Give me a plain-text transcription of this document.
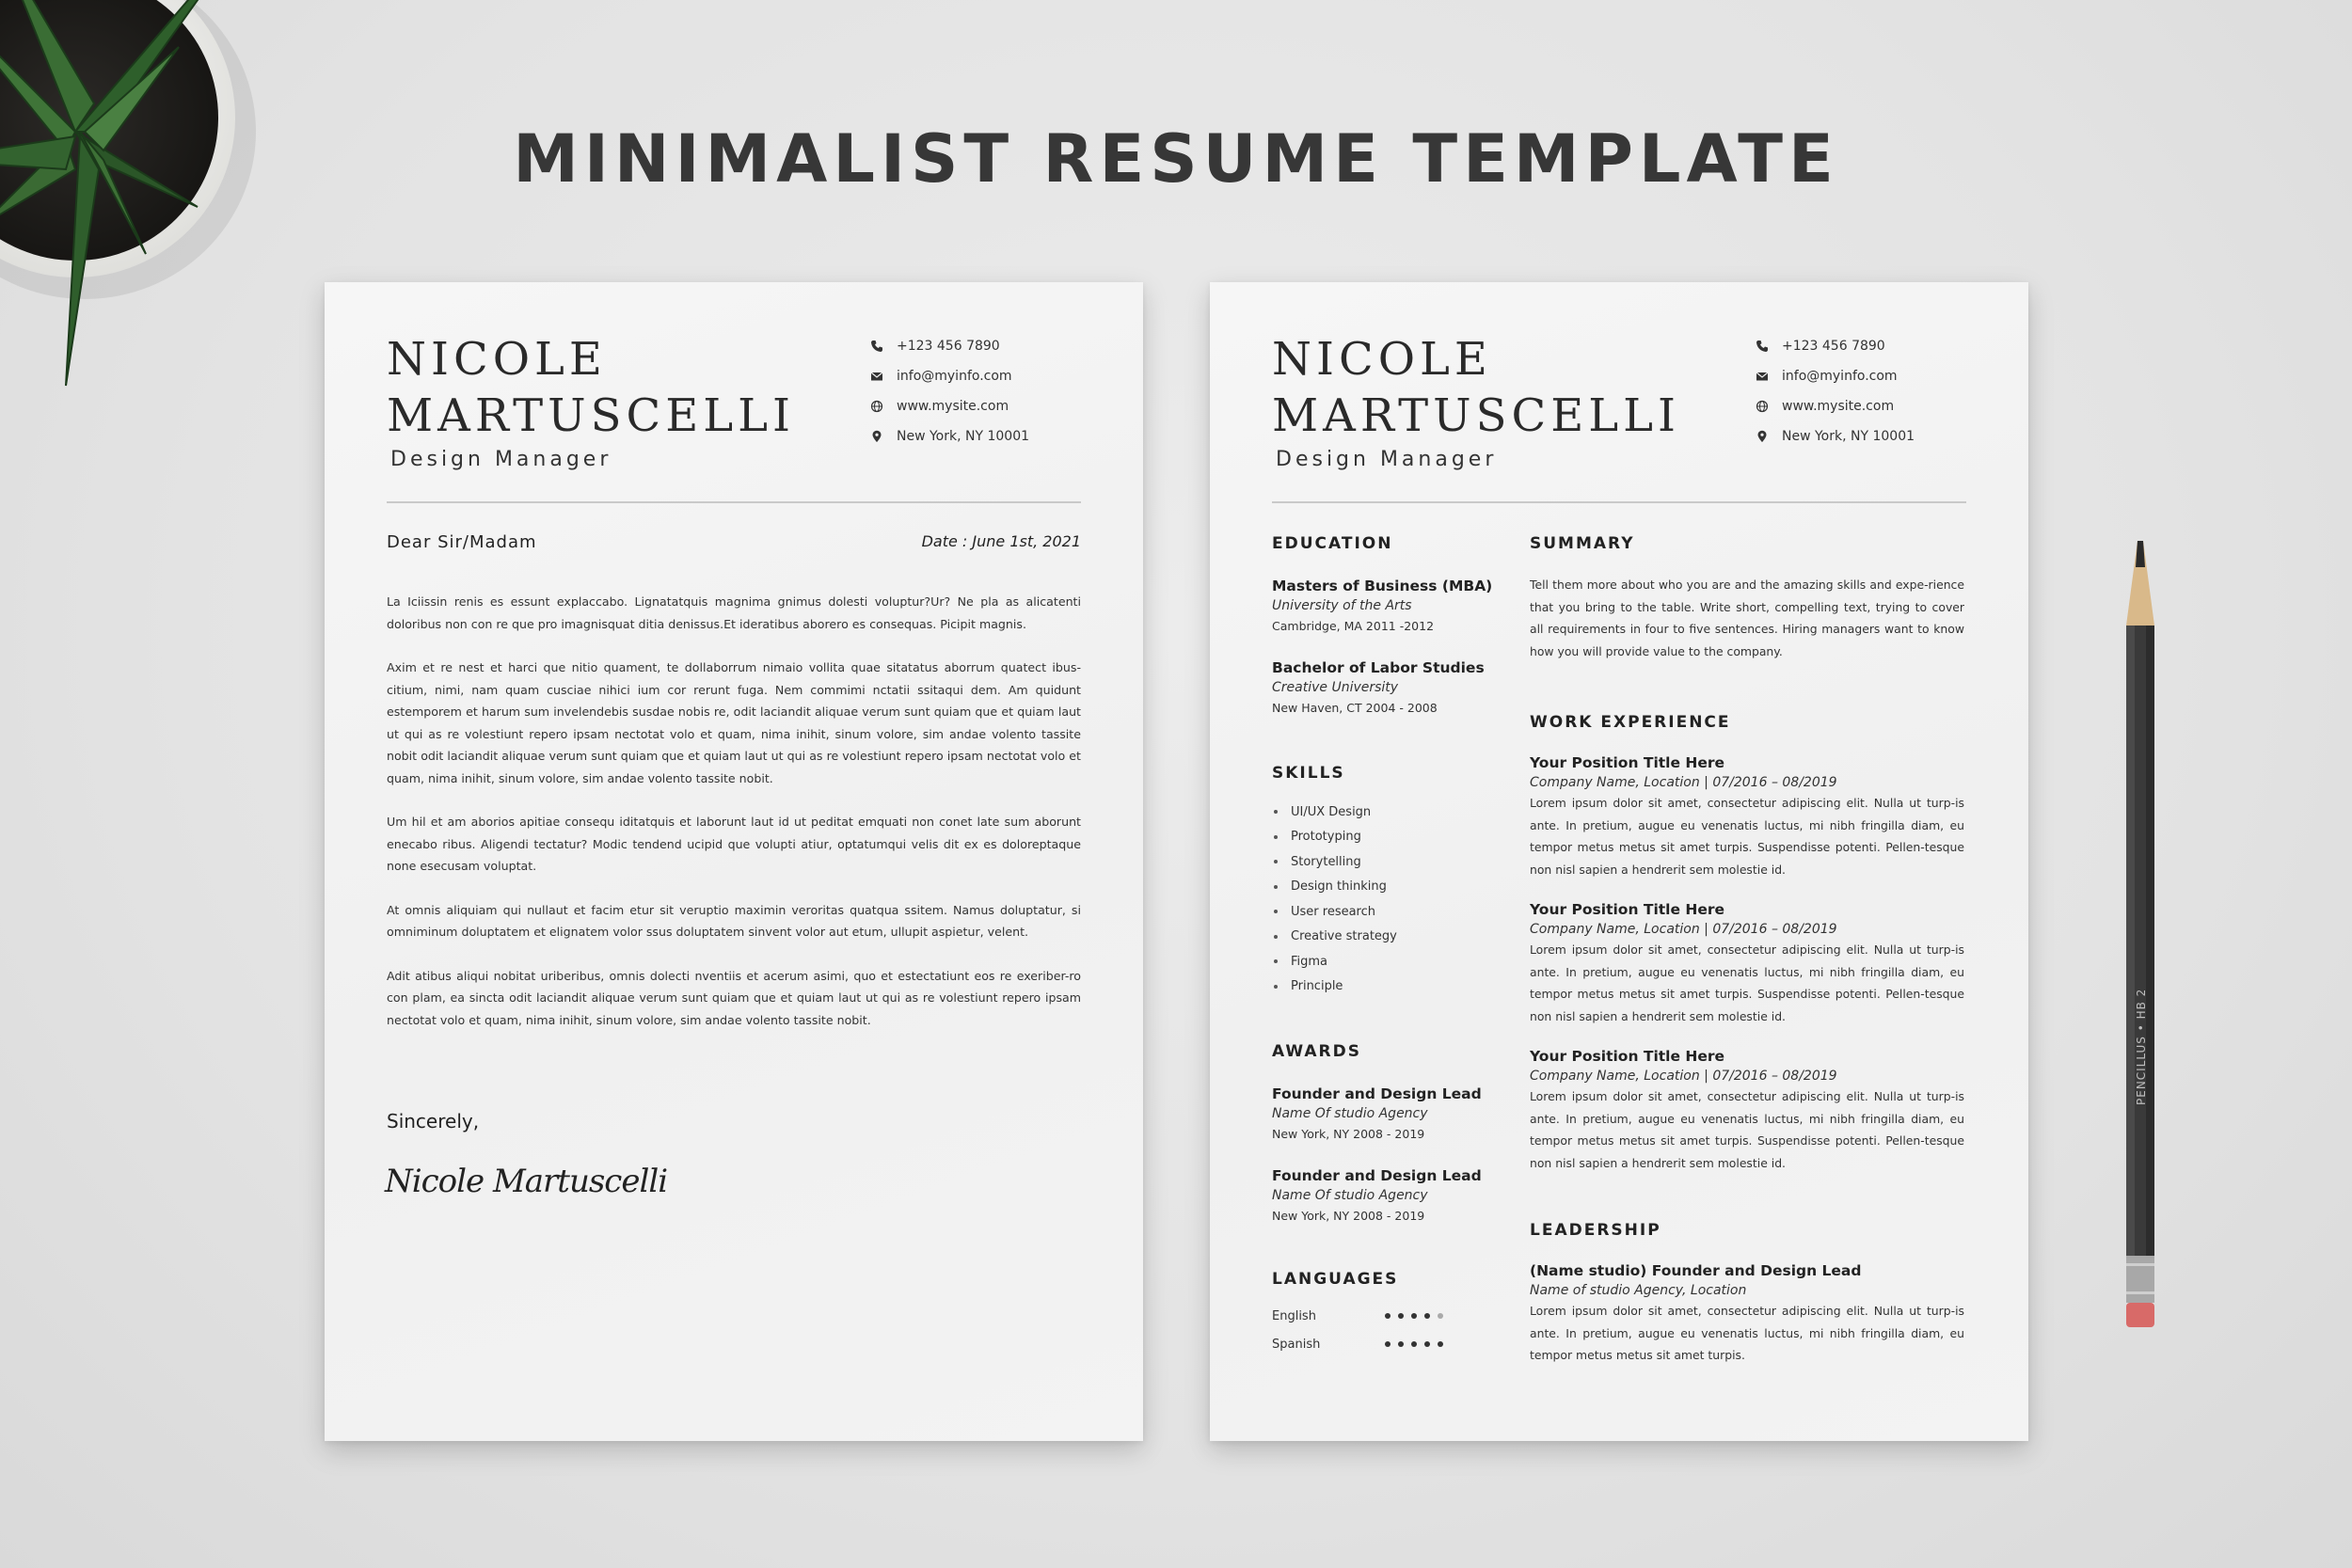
MINIMALIST RESUME TEMPLATE
NICOLE
MARTUSCELLI
Design Manager
+123 456 7890
info@myinfo.com
www.mysite.com
New York, NY 10001
Dear Sir/Madam	Date : June 1st, 2021

La Iciissin renis es essunt explaccabo. Lignatatquis magnima gnimus dolesti voluptur?Ur? Ne pla as alicatenti doloribus non con re que pro imagnisquat ditia denissus.Et ideratibus aborero es consequas. Picipit magnis.

Axim et re nest et harci que nitio quament, te dollaborrum nimaio vollita quae sitatatus aborrum quatect ibus-citium, nimi, nam quam cusciae nihici ium cor rerunt fuga. Nem commimi nctatii ssitaqui dem. Am quidunt estemporem et harum sum invelendebis susdae nobis re, odit laciandit aliquae verum sunt quiam que et quiam laut ut qui as re volestiunt repero ipsam nectotat volo et quam, nima inihit, sinum volore, sim andae volento tassite nobit odit laciandit aliquae verum sunt quiam que et quiam laut ut qui as re volestiunt repero ipsam nectotat volo et quam, nima inihit, sinum volore, sim andae volento tassite nobit.

Um hil et am aborios apitiae consequ iditatquis et laborunt laut id ut peditat emquati non conet late sum aborunt enecabo ribus. Aligendi tectatur? Modic tendend ucipid que volupti atiur, optatumqui velis dit ex es doloreptaque none esecusam voluptat.

At omnis aliquiam qui nullaut et facim etur sit veruptio maximin veroritas quatqua ssitem. Namus doluptatur, si omniminum doluptatem et elignatem volor ssus doluptatem sinvent volor aut etum, ullupit aspietur, velent.

Adit atibus aliqui nobitat uriberibus, omnis dolecti nventiis et acerum asimi, quo et estectatiunt eos re exeriber-ro con plam, ea sincta odit laciandit aliquae verum sunt quiam que et quiam laut ut qui as re volestiunt repero ipsam nectotat volo et quam, nima inihit, sinum volore, sim andae volento tassite nobit.

Sincerely,
Nicole Martuscelli
NICOLE
MARTUSCELLI
Design Manager
+123 456 7890
info@myinfo.com
www.mysite.com
New York, NY 10001
EDUCATION
Masters of Business (MBA)
University of the Arts
Cambridge, MA 2011 -2012
Bachelor of Labor Studies
Creative University
New Haven, CT 2004 - 2008
SKILLS
UI/UX Design
Prototyping
Storytelling
Design thinking
User research
Creative strategy
Figma
Principle
AWARDS
Founder and Design Lead
Name Of studio Agency
New York, NY 2008 - 2019
Founder and Design Lead
Name Of studio Agency
New York, NY 2008 - 2019
LANGUAGES
English
Spanish
SUMMARY
Tell them more about who you are and the amazing skills and expe-rience that you bring to the table. Write short, compelling text, trying to cover all requirements in four to five sentences. Hiring managers want to know how you will provide value to the company.
WORK EXPERIENCE
Your Position Title Here
Company Name, Location | 07/2016 – 08/2019
Lorem ipsum dolor sit amet, consectetur adipiscing elit. Nulla ut turp-is ante. In pretium, augue eu venenatis luctus, mi nibh fringilla diam, eu tempor metus metus sit amet turpis. Suspendisse potenti. Pellen-tesque non nisl sapien a hendrerit sem molestie id.
Your Position Title Here
Company Name, Location | 07/2016 – 08/2019
Lorem ipsum dolor sit amet, consectetur adipiscing elit. Nulla ut turp-is ante. In pretium, augue eu venenatis luctus, mi nibh fringilla diam, eu tempor metus metus sit amet turpis. Suspendisse potenti. Pellen-tesque non nisl sapien a hendrerit sem molestie id.
Your Position Title Here
Company Name, Location | 07/2016 – 08/2019
Lorem ipsum dolor sit amet, consectetur adipiscing elit. Nulla ut turp-is ante. In pretium, augue eu venenatis luctus, mi nibh fringilla diam, eu tempor metus metus sit amet turpis. Suspendisse potenti. Pellen-tesque non nisl sapien a hendrerit sem molestie id.
LEADERSHIP
(Name studio) Founder and Design Lead
Name of studio Agency, Location
Lorem ipsum dolor sit amet, consectetur adipiscing elit. Nulla ut turp-is ante. In pretium, augue eu venenatis luctus, mi nibh fringilla diam, eu tempor metus metus sit amet turpis.
PENCILLUS • HB 2
